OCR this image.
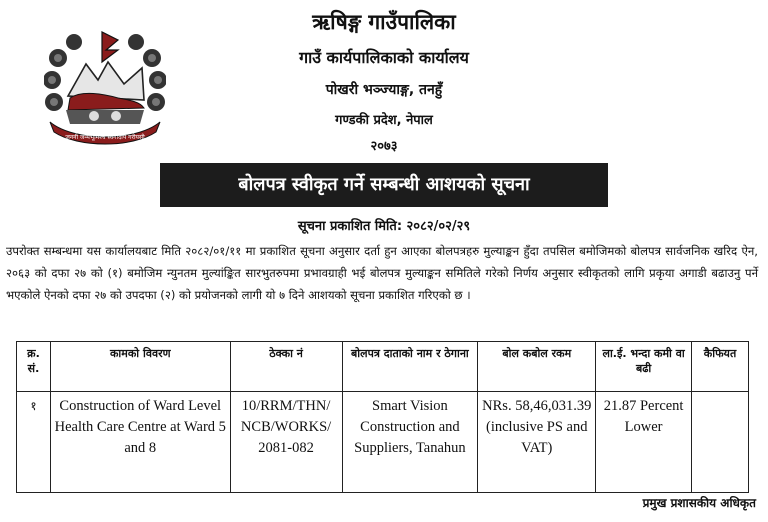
जननी जन्मभूमिश्च स्वर्गादपि गरीयसी
ऋषिङ्ग गाउँपालिका
गाउँ कार्यपालिकाको कार्यालय
पोखरी भञ्ज्याङ्ग, तनहुँ
गण्डकी प्रदेश, नेपाल
२०७३
बोलपत्र स्वीकृत गर्ने सम्बन्धी आशयको सूचना
सूचना प्रकाशित मिति: २०८२/०२/२९
उपरोक्त सम्बन्धमा यस कार्यालयबाट मिति २०८२/०१/११ मा प्रकाशित सूचना अनुसार दर्ता हुन आएका बोलपत्रहरु मुल्याङ्कन हुँदा तपसिल बमोजिमको बोलपत्र सार्वजनिक खरिद ऐन, २०६३ को दफा २७ को (१) बमोजिम न्युनतम मुल्यांङ्कित सारभुतरुपमा प्रभावग्राही भई बोलपत्र मुल्याङ्कन समितिले गरेको निर्णय अनुसार स्वीकृतको लागि प्रकृया अगाडी बढाउनु पर्ने भएकोले ऐनको दफा २७ को उपदफा (२) को प्रयोजनको लागी यो ७ दिने आशयको सूचना प्रकाशित गरिएको छ ।
क्र. सं.	कामको विवरण	ठेक्का नं	बोलपत्र दाताको नाम र ठेगाना	बोल कबोल रकम	ला.ई. भन्दा कमी वा बढी	कैफियत
१	Construction of Ward Level Health Care Centre at Ward 5 and 8	10/RRM/THN/ NCB/WORKS/ 2081-082	Smart Vision Construction and Suppliers, Tanahun	NRs. 58,46,031.39 (inclusive PS and VAT)	21.87 Percent Lower	
प्रमुख प्रशासकीय अधिकृत
